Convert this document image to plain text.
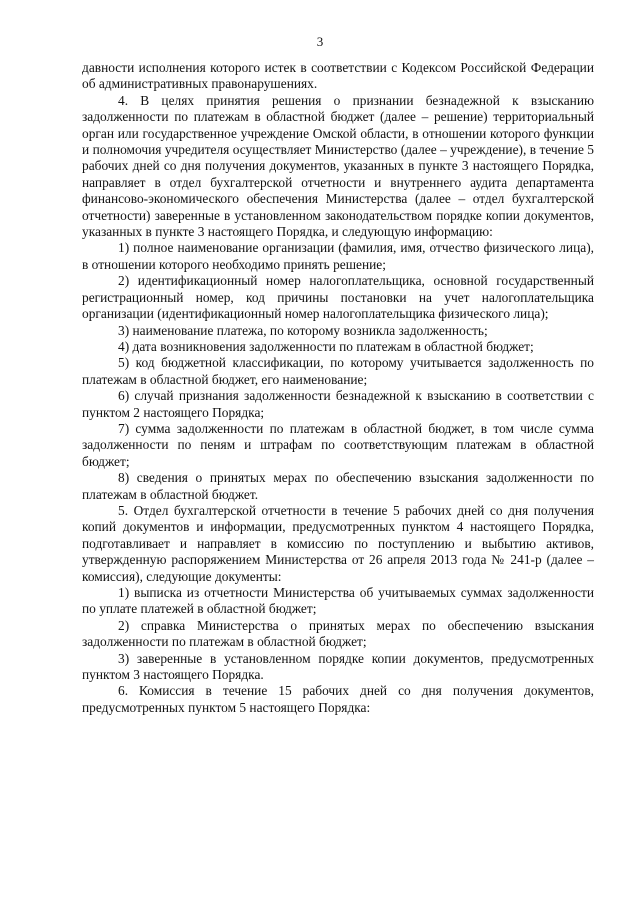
3

давности исполнения которого истек в соответствии с Кодексом Российской Федерации об административных правонарушениях.

4. В целях принятия решения о признании безнадежной к взысканию задолженности по платежам в областной бюджет (далее – решение) территориальный орган или государственное учреждение Омской области, в отношении которого функции и полномочия учредителя осуществляет Министерство (далее – учреждение), в течение 5 рабочих дней со дня получения документов, указанных в пункте 3 настоящего Порядка, направляет в отдел бухгалтерской отчетности и внутреннего аудита департамента финансово-экономического обеспечения Министерства (далее – отдел бухгалтерской отчетности) заверенные в установленном законодательством порядке копии документов, указанных в пункте 3 настоящего Порядка, и следующую информацию:

1) полное наименование организации (фамилия, имя, отчество физического лица), в отношении которого необходимо принять решение;

2) идентификационный номер налогоплательщика, основной государственный регистрационный номер, код причины постановки на учет налогоплательщика организации (идентификационный номер налогоплательщика физического лица);

3) наименование платежа, по которому возникла задолженность;

4) дата возникновения задолженности по платежам в областной бюджет;

5) код бюджетной классификации, по которому учитывается задолженность по платежам в областной бюджет, его наименование;

6) случай признания задолженности безнадежной к взысканию в соответствии с пунктом 2 настоящего Порядка;

7) сумма задолженности по платежам в областной бюджет, в том числе сумма задолженности по пеням и штрафам по соответствующим платежам в областной бюджет;

8) сведения о принятых мерах по обеспечению взыскания задолженности по платежам в областной бюджет.

5. Отдел бухгалтерской отчетности в течение 5 рабочих дней со дня получения копий документов и информации, предусмотренных пунктом 4 настоящего Порядка, подготавливает и направляет в комиссию по поступлению и выбытию активов, утвержденную распоряжением Министерства от 26 апреля 2013 года № 241-р (далее – комиссия), следующие документы:

1) выписка из отчетности Министерства об учитываемых суммах задолженности по уплате платежей в областной бюджет;

2) справка Министерства о принятых мерах по обеспечению взыскания задолженности по платежам в областной бюджет;

3) заверенные в установленном порядке копии документов, предусмотренных пунктом 3 настоящего Порядка.

6. Комиссия в течение 15 рабочих дней со дня получения документов, предусмотренных пунктом 5 настоящего Порядка:
